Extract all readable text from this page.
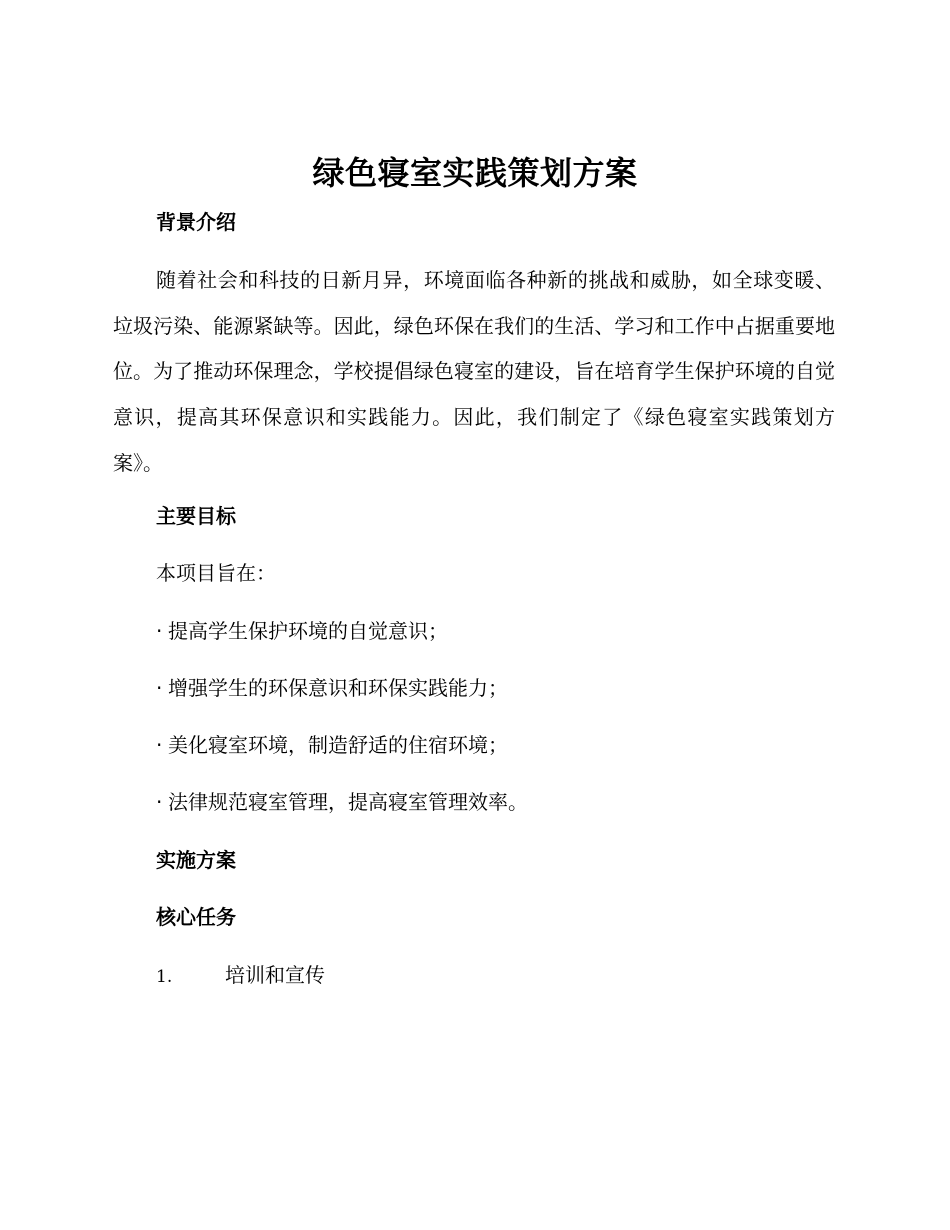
绿色寝室实践策划方案
背景介绍
随着社会和科技的日新月异，环境面临各种新的挑战和威胁，如全球变暖、垃圾污染、能源紧缺等。因此，绿色环保在我们的生活、学习和工作中占据重要地位。为了推动环保理念，学校提倡绿色寝室的建设，旨在培育学生保护环境的自觉意识，提高其环保意识和实践能力。因此，我们制定了《绿色寝室实践策划方案》。
主要目标
本项目旨在：
· 提高学生保护环境的自觉意识；
· 增强学生的环保意识和环保实践能力；
· 美化寝室环境，制造舒适的住宿环境；
· 法律规范寝室管理，提高寝室管理效率。
实施方案
核心任务
1.	培训和宣传
